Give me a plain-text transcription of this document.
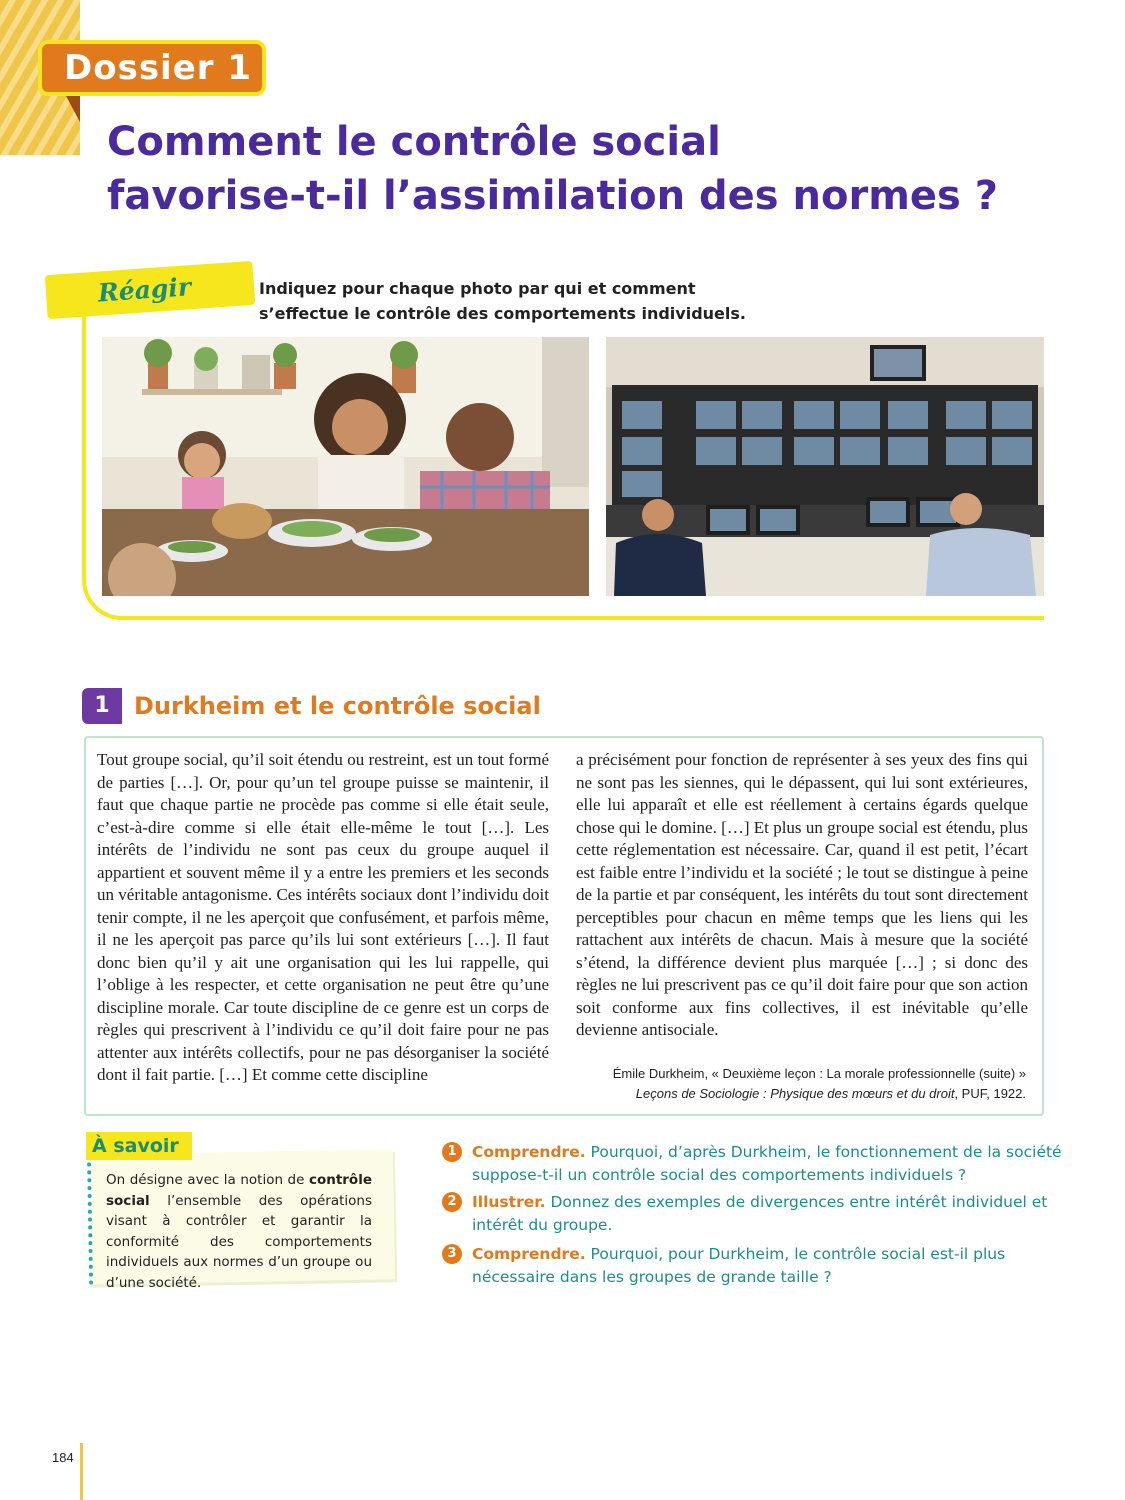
Dossier 1
Comment le contrôle social
favorise-t-il l’assimilation des normes ?
Réagir	Indiquez pour chaque photo par qui et comment
s’effectue le contrôle des comportements individuels.
1	Durkheim et le contrôle social

Tout groupe social, qu’il soit étendu ou restreint, est un tout formé de parties […]. Or, pour qu’un tel groupe puisse se maintenir, il faut que chaque partie ne procède pas comme si elle était seule, c’est-à-dire comme si elle était elle-même le tout […]. Les intérêts de l’individu ne sont pas ceux du groupe auquel il appartient et souvent même il y a entre les premiers et les seconds un véritable antagonisme. Ces intérêts sociaux dont l’individu doit tenir compte, il ne les aperçoit que confusément, et parfois même, il ne les aperçoit pas parce qu’ils lui sont extérieurs […]. Il faut donc bien qu’il y ait une organisation qui les lui rappelle, qui l’oblige à les respecter, et cette organisation ne peut être qu’une discipline morale. Car toute discipline de ce genre est un corps de règles qui prescrivent à l’individu ce qu’il doit faire pour ne pas attenter aux intérêts collectifs, pour ne pas désorganiser la société dont il fait partie. […] Et comme cette discipline

a précisément pour fonction de représenter à ses yeux des fins qui ne sont pas les siennes, qui le dépassent, qui lui sont extérieures, elle lui apparaît et elle est réellement à certains égards quelque chose qui le domine. […] Et plus un groupe social est étendu, plus cette réglementation est nécessaire. Car, quand il est petit, l’écart est faible entre l’individu et la société ; le tout se distingue à peine de la partie et par conséquent, les intérêts du tout sont directement perceptibles pour chacun en même temps que les liens qui les rattachent aux intérêts de chacun. Mais à mesure que la société s’étend, la différence devient plus marquée […] ; si donc des règles ne lui prescrivent pas ce qu’il doit faire pour que son action soit conforme aux fins collectives, il est inévitable qu’elle devienne antisociale.

Émile Durkheim, « Deuxième leçon : La morale professionnelle (suite) »
Leçons de Sociologie : Physique des mœurs et du droit, PUF, 1922.
À savoir

On désigne avec la notion de contrôle social l’ensemble des opérations visant à contrôler et garantir la conformité des comportements individuels aux normes d’un groupe ou d’une société.

1 Comprendre. Pourquoi, d’après Durkheim, le fonctionnement de la société suppose-t-il un contrôle social des comportements individuels ?
2 Illustrer. Donnez des exemples de divergences entre intérêt individuel et intérêt du groupe.
3 Comprendre. Pourquoi, pour Durkheim, le contrôle social est-il plus nécessaire dans les groupes de grande taille ?
184
